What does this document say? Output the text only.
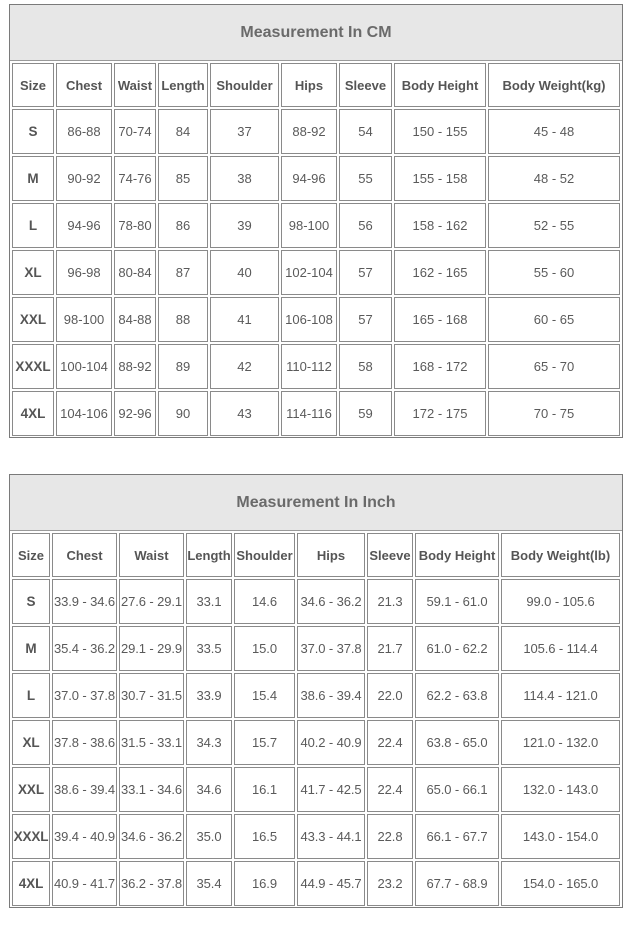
Measurement In CM
Size	Chest	Waist	Length	Shoulder	Hips	Sleeve	Body Height	Body Weight(kg)
S	86-88	70-74	84	37	88-92	54	150 - 155	45 - 48
M	90-92	74-76	85	38	94-96	55	155 - 158	48 - 52
L	94-96	78-80	86	39	98-100	56	158 - 162	52 - 55
XL	96-98	80-84	87	40	102-104	57	162 - 165	55 - 60
XXL	98-100	84-88	88	41	106-108	57	165 - 168	60 - 65
XXXL	100-104	88-92	89	42	110-112	58	168 - 172	65 - 70
4XL	104-106	92-96	90	43	114-116	59	172 - 175	70 - 75
Measurement In Inch
Size	Chest	Waist	Length	Shoulder	Hips	Sleeve	Body Height	Body Weight(lb)
S	33.9 - 34.6	27.6 - 29.1	33.1	14.6	34.6 - 36.2	21.3	59.1 - 61.0	99.0 - 105.6
M	35.4 - 36.2	29.1 - 29.9	33.5	15.0	37.0 - 37.8	21.7	61.0 - 62.2	105.6 - 114.4
L	37.0 - 37.8	30.7 - 31.5	33.9	15.4	38.6 - 39.4	22.0	62.2 - 63.8	114.4 - 121.0
XL	37.8 - 38.6	31.5 - 33.1	34.3	15.7	40.2 - 40.9	22.4	63.8 - 65.0	121.0 - 132.0
XXL	38.6 - 39.4	33.1 - 34.6	34.6	16.1	41.7 - 42.5	22.4	65.0 - 66.1	132.0 - 143.0
XXXL	39.4 - 40.9	34.6 - 36.2	35.0	16.5	43.3 - 44.1	22.8	66.1 - 67.7	143.0 - 154.0
4XL	40.9 - 41.7	36.2 - 37.8	35.4	16.9	44.9 - 45.7	23.2	67.7 - 68.9	154.0 - 165.0
